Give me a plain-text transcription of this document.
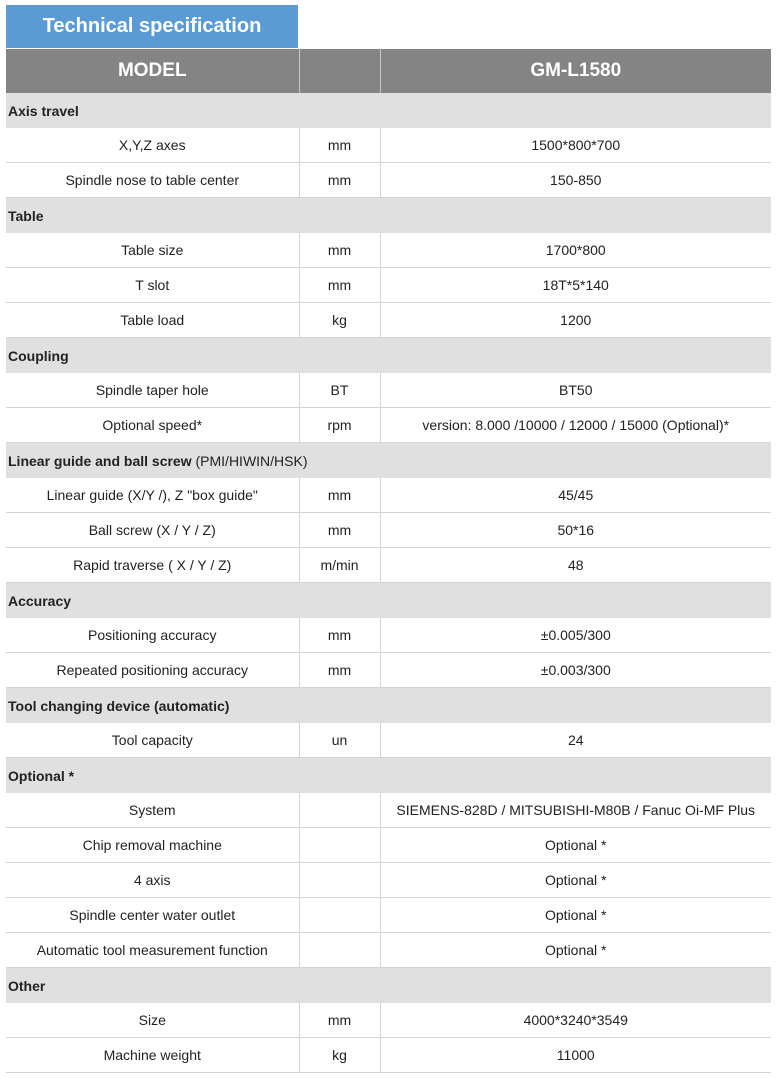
Technical specification
MODEL		GM-L1580
Axis travel		
X,Y,Z axes	mm	1500*800*700
Spindle nose to table center	mm	150-850
Table		
Table size	mm	1700*800
T slot	mm	18T*5*140
Table load	kg	1200
Coupling		
Spindle taper hole	BT	BT50
Optional speed*	rpm	version: 8.000 /10000 / 12000 / 15000 (Optional)*
Linear guide and ball screw (PMI/HIWIN/HSK)		
Linear guide (X/Y /), Z "box guide"	mm	45/45
Ball screw (X / Y / Z)	mm	50*16
Rapid traverse ( X / Y / Z)	m/min	48
Accuracy		
Positioning accuracy	mm	±0.005/300
Repeated positioning accuracy	mm	±0.003/300
Tool changing device (automatic)		
Tool capacity	un	24
Optional *		
System		SIEMENS-828D / MITSUBISHI-M80B / Fanuc Oi-MF Plus
Chip removal machine		Optional *
4 axis		Optional *
Spindle center water outlet		Optional *
Automatic tool measurement function		Optional *
Other		
Size	mm	4000*3240*3549
Machine weight	kg	11000
